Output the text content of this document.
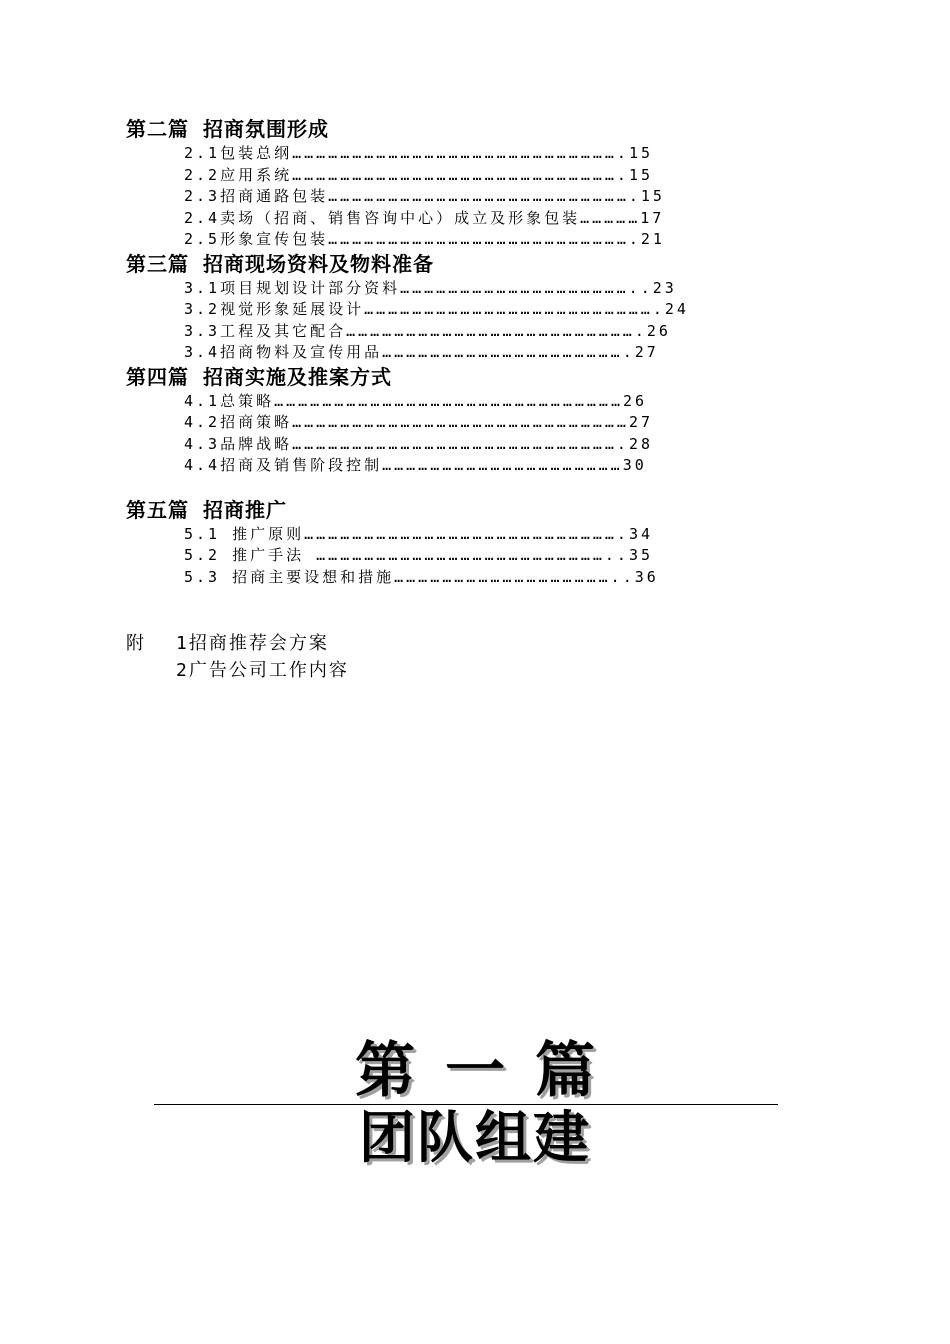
第二篇 招商氛围形成
2.1包装总纲……………………………………………………………………….15
2.2应用系统……………………………………………………………………….15
2.3招商通路包装………………………………………………………………….15
2.4卖场（招商、销售咨询中心）成立及形象包装……………17
2.5形象宣传包装………………………………………………………………….21
第三篇 招商现场资料及物料准备
3.1项目规划设计部分资料…………………………………………………..23
3.2视觉形象延展设计……………………………………………………………….24
3.3工程及其它配合……………………………………………………………….26
3.4招商物料及宣传用品…………………………………………………….27
第四篇 招商实施及推案方式
4.1总策略……………………………………………………………………………26
4.2招商策略…………………………………………………………………………27
4.3品牌战略……………………………………………………………………….28
4.4招商及销售阶段控制……………………………………………………30
第五篇 招商推广
5.1 推广原则…………………………………………………………………….34
5.2 推广手法 ………………………………………………………………..35
5.3 招商主要设想和措施………………………………………………..36
附 1招商推荐会方案
2广告公司工作内容
第一篇
团队组建
